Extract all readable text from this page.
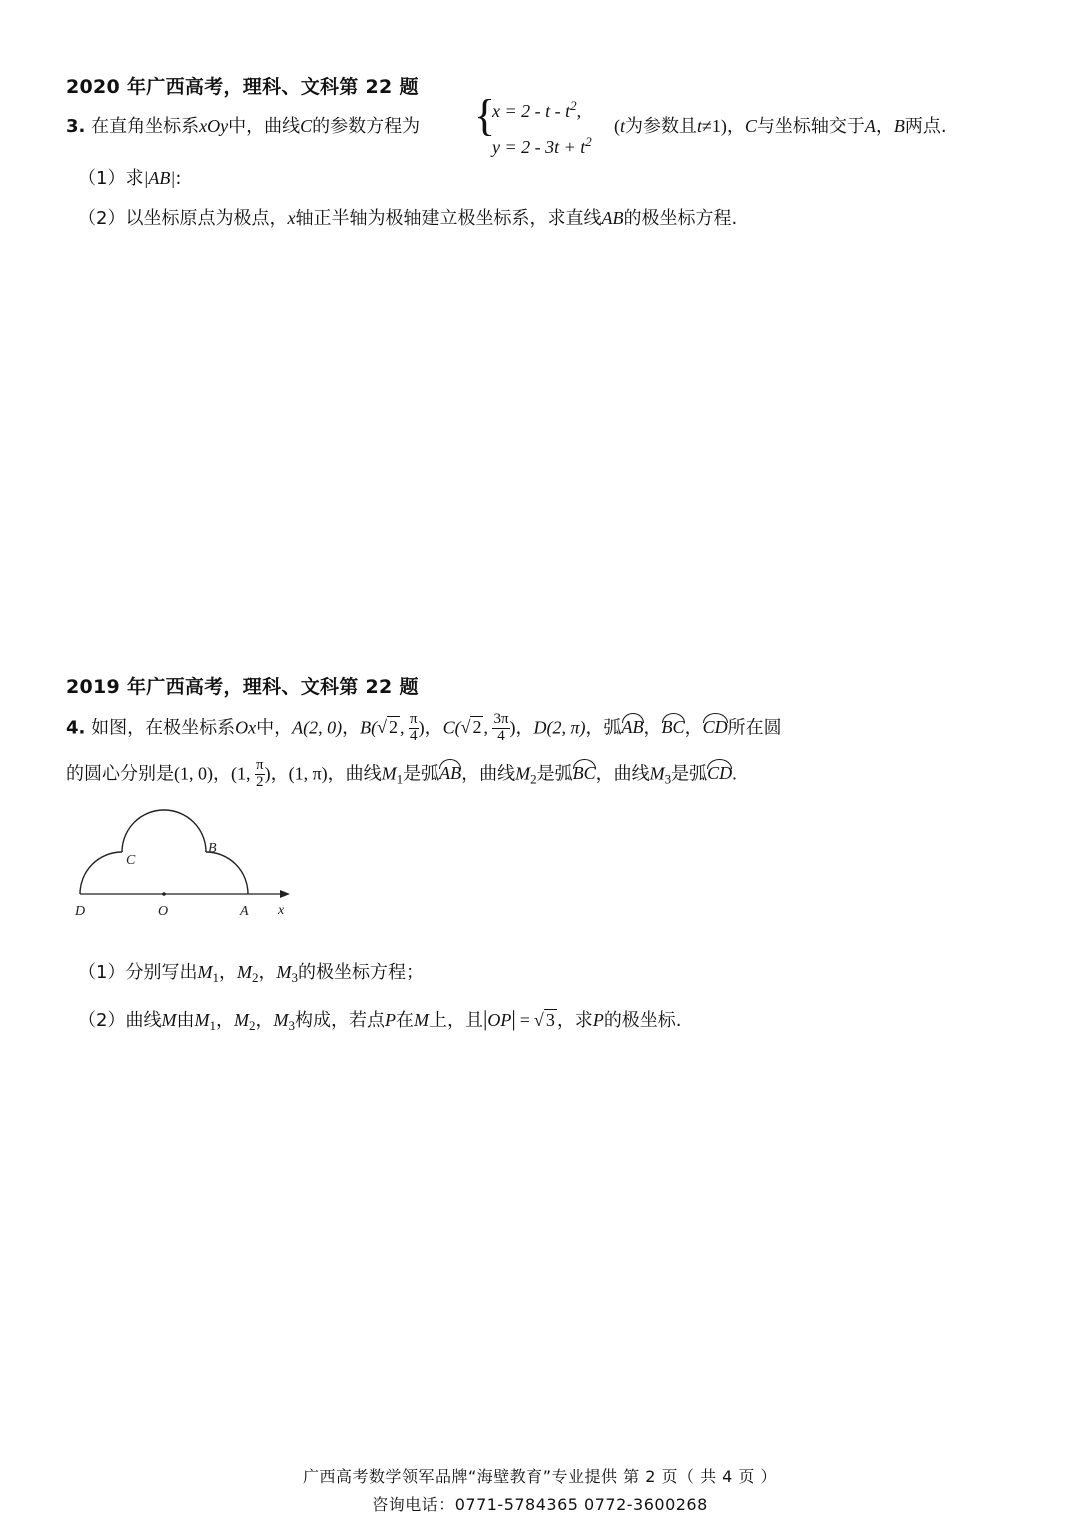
2020 年广西高考，理科、文科第 22 题
3. 在直角坐标系xOy中，曲线C的参数方程为 {
$x = 2 - t - t^2$,
$y = 2 - 3t + t^2$
(t为参数且t≠1)，C与坐标轴交于A，B两点.
（1）求|AB|:
（2）以坐标原点为极点，x轴正半轴为极轴建立极坐标系，求直线AB的极坐标方程.
2019 年广西高考，理科、文科第 22 题
4. 如图，在极坐标系Ox中，A(2, 0)，B(√ 2 , $\frac{\pi}{4}$ )，C(√ 2 , $\frac{3\pi}{4}$ )，D(2, π)，弧AB，BC，CD所在圆
的圆心分别是(1, 0)，(1, $\frac{\pi}{2}$ )，(1, π)，曲线$M_1$是弧AB，曲线$M_2$是弧BC，曲线$M_3$是弧CD.
C
B
D	O	A x
（1）分别写出$M_1$，$M_2$，$M_3$的极坐标方程；
（2）曲线M由$M_1$，$M_2$，$M_3$构成，若点P在M上，且|OP| = √ 3 ，求P的极坐标.
广西高考数学领军品牌“海壁教育”专业提供 第 2 页（ 共 4 页 ）
咨询电话：0771-5784365 0772-3600268
